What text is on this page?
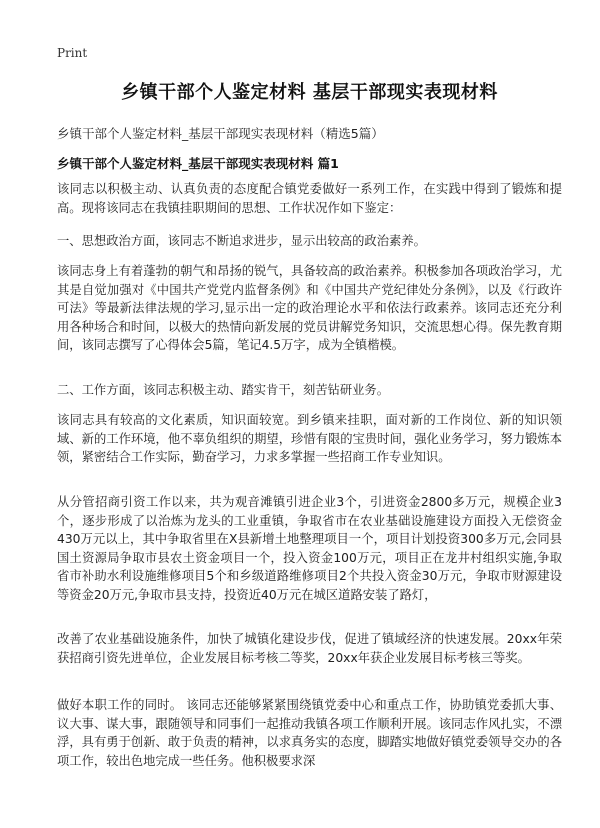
Print
乡镇干部个人鉴定材料 基层干部现实表现材料

乡镇干部个人鉴定材料_基层干部现实表现材料（精选5篇）

乡镇干部个人鉴定材料_基层干部现实表现材料 篇1

该同志以积极主动、认真负责的态度配合镇党委做好一系列工作，在实践中得到了锻炼和提高。现将该同志在我镇挂职期间的思想、工作状况作如下鉴定：

一、思想政治方面，该同志不断追求进步，显示出较高的政治素养。

该同志身上有着蓬勃的朝气和昂扬的锐气，具备较高的政治素养。积极参加各项政治学习，尤其是自觉加强对《中国共产党党内监督条例》和《中国共产党纪律处分条例》，以及《行政许可法》等最新法律法规的学习,显示出一定的政治理论水平和依法行政素养。该同志还充分利用各种场合和时间，以极大的热情向新发展的党员讲解党务知识，交流思想心得。保先教育期间，该同志撰写了心得体会5篇，笔记4.5万字，成为全镇楷模。

二、工作方面，该同志积极主动、踏实肯干，刻苦钻研业务。

该同志具有较高的文化素质，知识面较宽。到乡镇来挂职，面对新的工作岗位、新的知识领域、新的工作环境，他不辜负组织的期望，珍惜有限的宝贵时间，强化业务学习，努力锻炼本领，紧密结合工作实际，勤奋学习，力求多掌握一些招商工作专业知识。

从分管招商引资工作以来，共为观音滩镇引进企业3个，引进资金2800多万元，规模企业3个，逐步形成了以治炼为龙头的工业重镇，争取省市在农业基础设施建设方面投入无偿资金430万元以上，其中争取省里在X县新增土地整理项目一个，项目计划投资300多万元,会同县国土资源局争取市县农土资金项目一个，投入资金100万元，项目正在龙井村组织实施,争取省市补助水利设施维修项目5个和乡级道路维修项目2个共投入资金30万元，争取市财源建设等资金20万元,争取市县支持，投资近40万元在城区道路安装了路灯，

改善了农业基础设施条件，加快了城镇化建设步伐，促进了镇域经济的快速发展。20xx年荣获招商引资先进单位，企业发展目标考核二等奖，20xx年获企业发展目标考核三等奖。

做好本职工作的同时。 该同志还能够紧紧围绕镇党委中心和重点工作，协助镇党委抓大事、议大事、谋大事，跟随领导和同事们一起推动我镇各项工作顺利开展。该同志作风扎实，不漂浮，具有勇于创新、敢于负责的精神，以求真务实的态度，脚踏实地做好镇党委领导交办的各项工作，较出色地完成一些任务。他积极要求深
